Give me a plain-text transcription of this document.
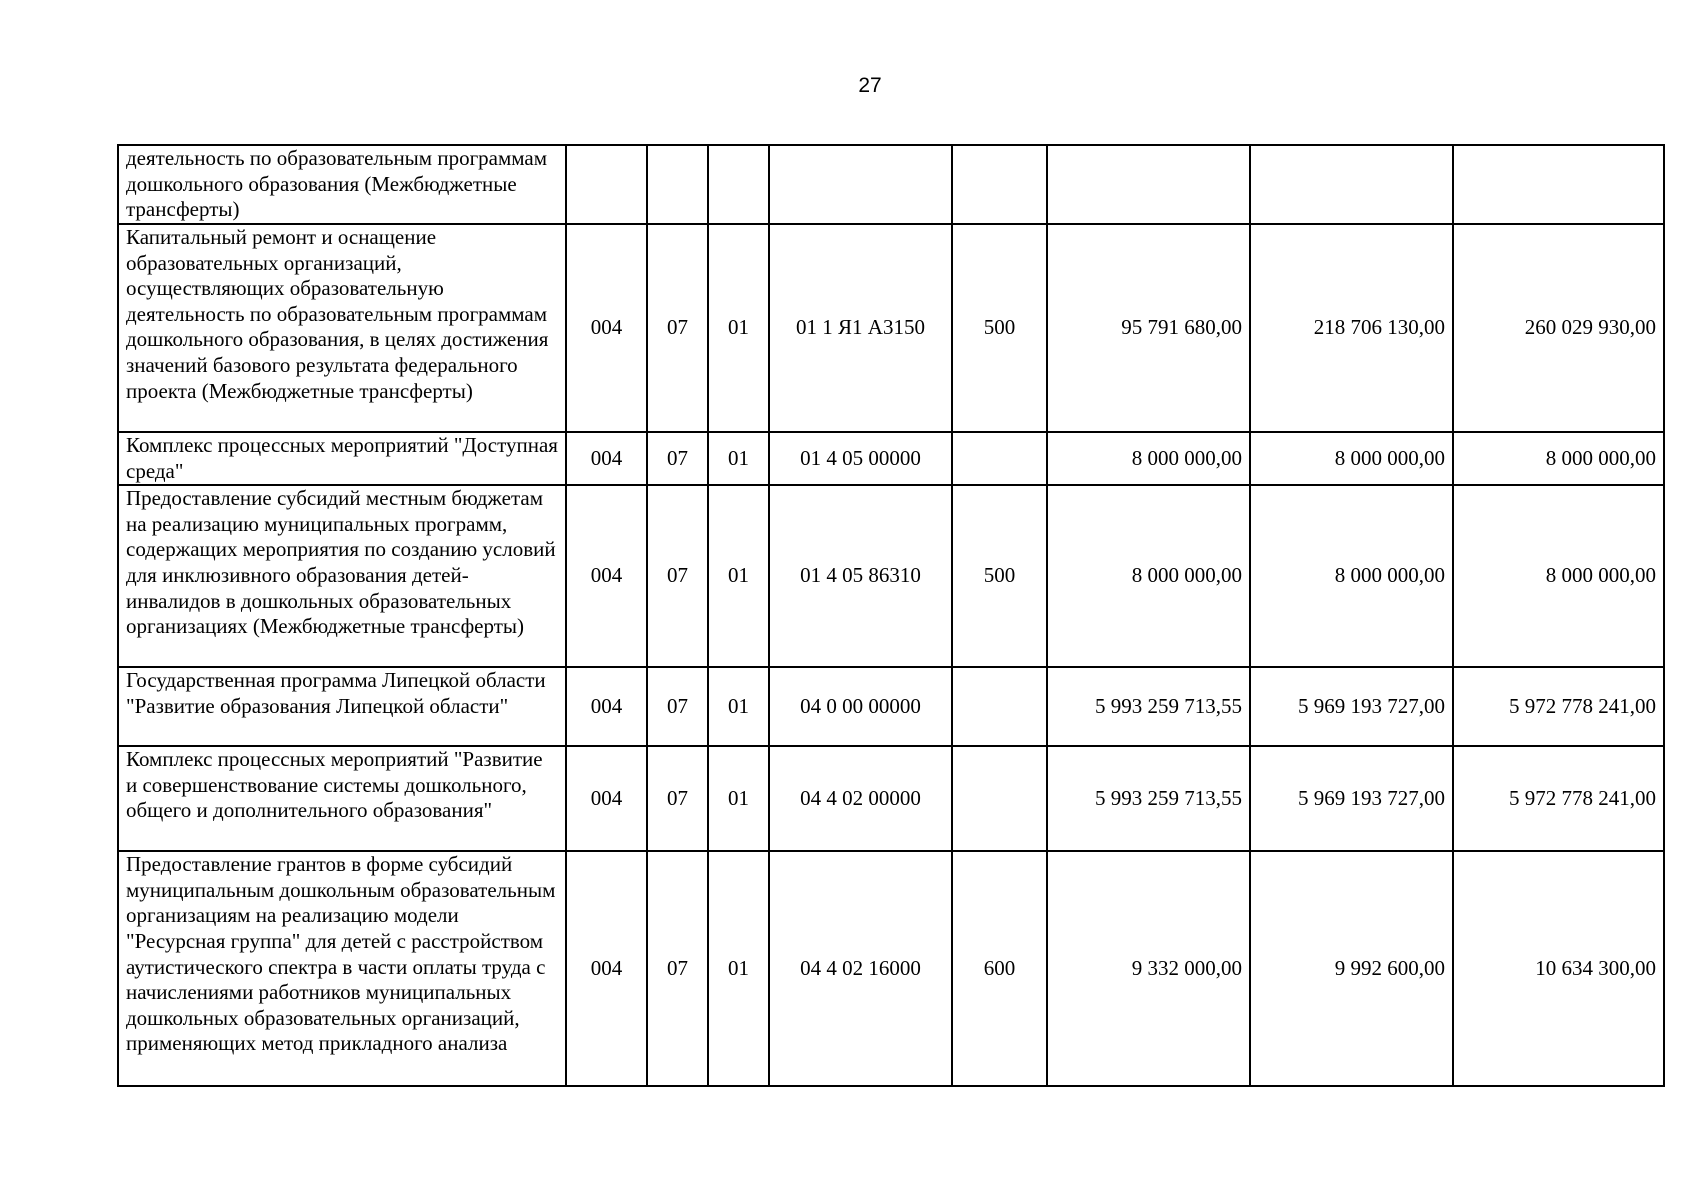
27
деятельность по образовательным программам дошкольного образования (Межбюджетные трансферты)								
Капитальный ремонт и оснащение образовательных организаций, осуществляющих образовательную деятельность по образовательным программам дошкольного образования, в целях достижения значений базового результата федерального проекта (Межбюджетные трансферты)	004	07	01	01 1 Я1 А3150	500	95 791 680,00	218 706 130,00	260 029 930,00
Комплекс процессных мероприятий "Доступная среда"	004	07	01	01 4 05 00000		8 000 000,00	8 000 000,00	8 000 000,00
Предоставление субсидий местным бюджетам на реализацию муниципальных программ, содержащих мероприятия по созданию условий для инклюзивного образования детей-инвалидов в дошкольных образовательных организациях (Межбюджетные трансферты)	004	07	01	01 4 05 86310	500	8 000 000,00	8 000 000,00	8 000 000,00
Государственная программа Липецкой области "Развитие образования Липецкой области"	004	07	01	04 0 00 00000		5 993 259 713,55	5 969 193 727,00	5 972 778 241,00
Комплекс процессных мероприятий "Развитие и совершенствование системы дошкольного, общего и дополнительного образования"	004	07	01	04 4 02 00000		5 993 259 713,55	5 969 193 727,00	5 972 778 241,00
Предоставление грантов в форме субсидий муниципальным дошкольным образовательным организациям на реализацию модели "Ресурсная группа" для детей с расстройством аутистического спектра в части оплаты труда с начислениями работников муниципальных дошкольных образовательных организаций, применяющих метод прикладного анализа	004	07	01	04 4 02 16000	600	9 332 000,00	9 992 600,00	10 634 300,00
